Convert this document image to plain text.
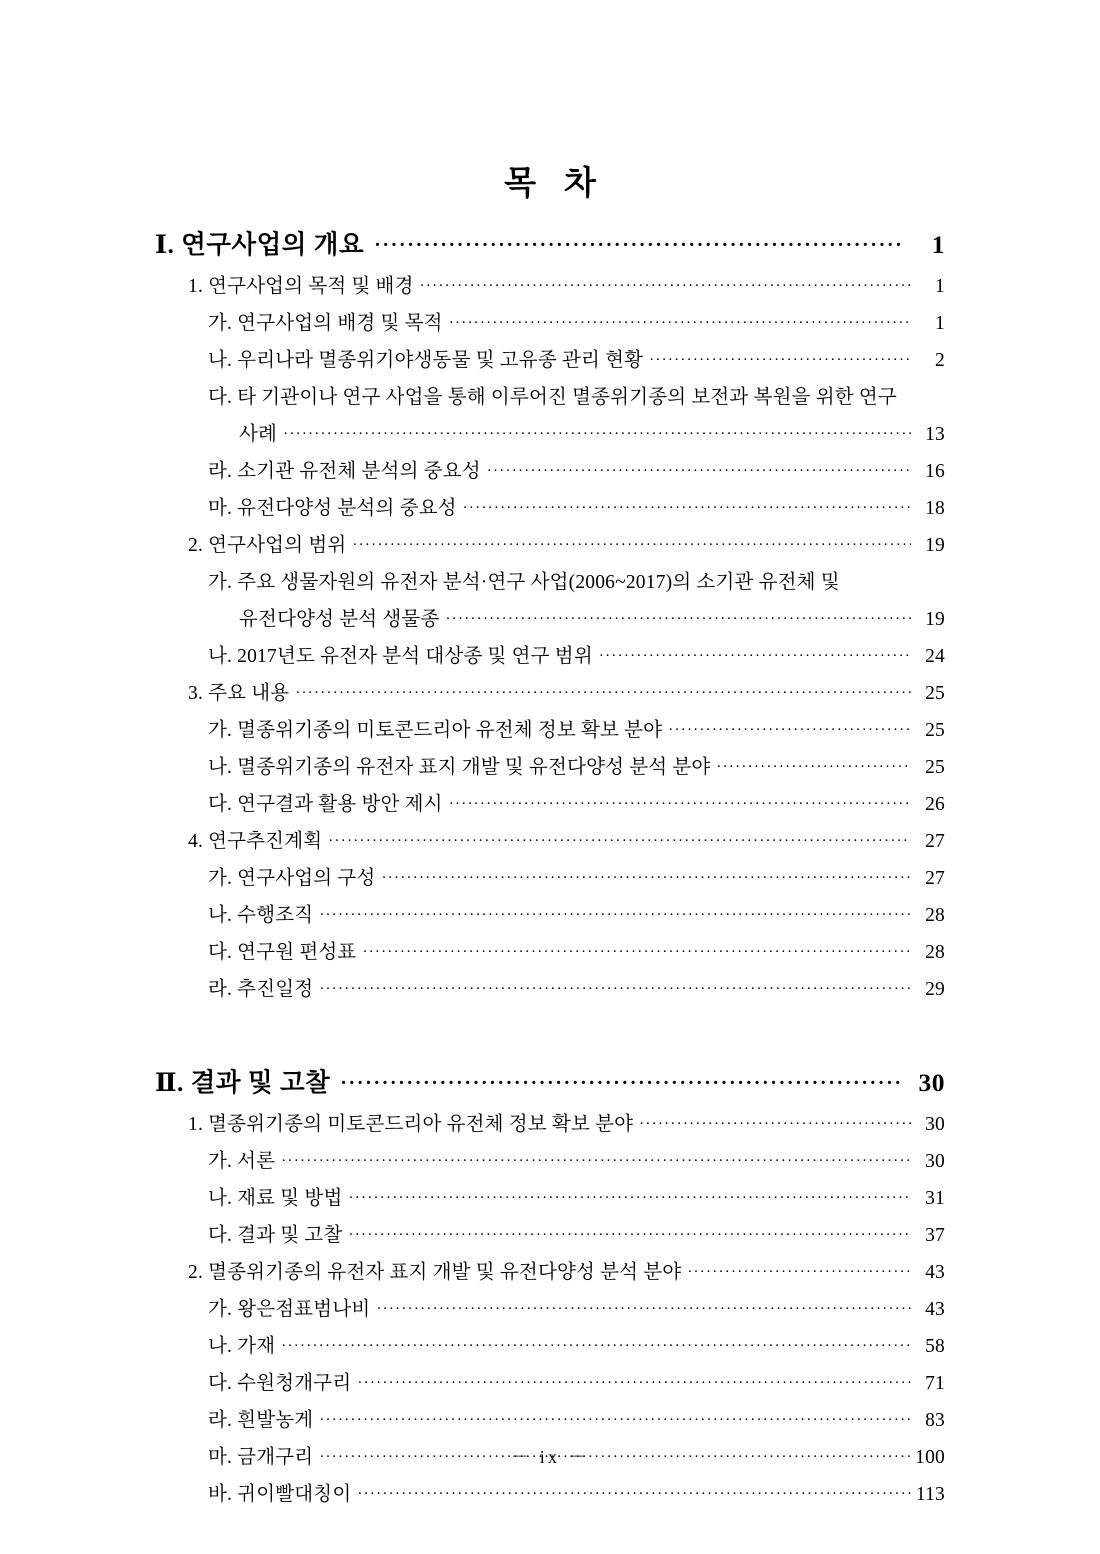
목 차
Ⅰ. 연구사업의 개요 ·····	1
1. 연구사업의 목적 및 배경 ·····	1
가. 연구사업의 배경 및 목적 ·····	1
나. 우리나라 멸종위기야생동물 및 고유종 관리 현황 ·····	2
다. 타 기관이나 연구 사업을 통해 이루어진 멸종위기종의 보전과 복원을 위한 연구
사례 ·····	13
라. 소기관 유전체 분석의 중요성 ·····	16
마. 유전다양성 분석의 중요성 ·····	18
2. 연구사업의 범위 ·····	19
가. 주요 생물자원의 유전자 분석·연구 사업(2006~2017)의 소기관 유전체 및
유전다양성 분석 생물종 ·····	19
나. 2017년도 유전자 분석 대상종 및 연구 범위 ·····	24
3. 주요 내용 ·····	25
가. 멸종위기종의 미토콘드리아 유전체 정보 확보 분야 ·····	25
나. 멸종위기종의 유전자 표지 개발 및 유전다양성 분석 분야 ·····	25
다. 연구결과 활용 방안 제시 ·····	26
4. 연구추진계획 ·····	27
가. 연구사업의 구성 ·····	27
나. 수행조직 ·····	28
다. 연구원 편성표 ·····	28
라. 추진일정 ·····	29
Ⅱ. 결과 및 고찰 ·····	30
1. 멸종위기종의 미토콘드리아 유전체 정보 확보 분야 ·····	30
가. 서론 ·····	30
나. 재료 및 방법 ·····	31
다. 결과 및 고찰 ·····	37
2. 멸종위기종의 유전자 표지 개발 및 유전다양성 분석 분야 ·····	43
가. 왕은점표범나비 ·····	43
나. 가재 ·····	58
다. 수원청개구리 ·····	71
라. 흰발농게 ·····	83
마. 금개구리 ·····	100
바. 귀이빨대칭이 ·····	113
－ ix －
